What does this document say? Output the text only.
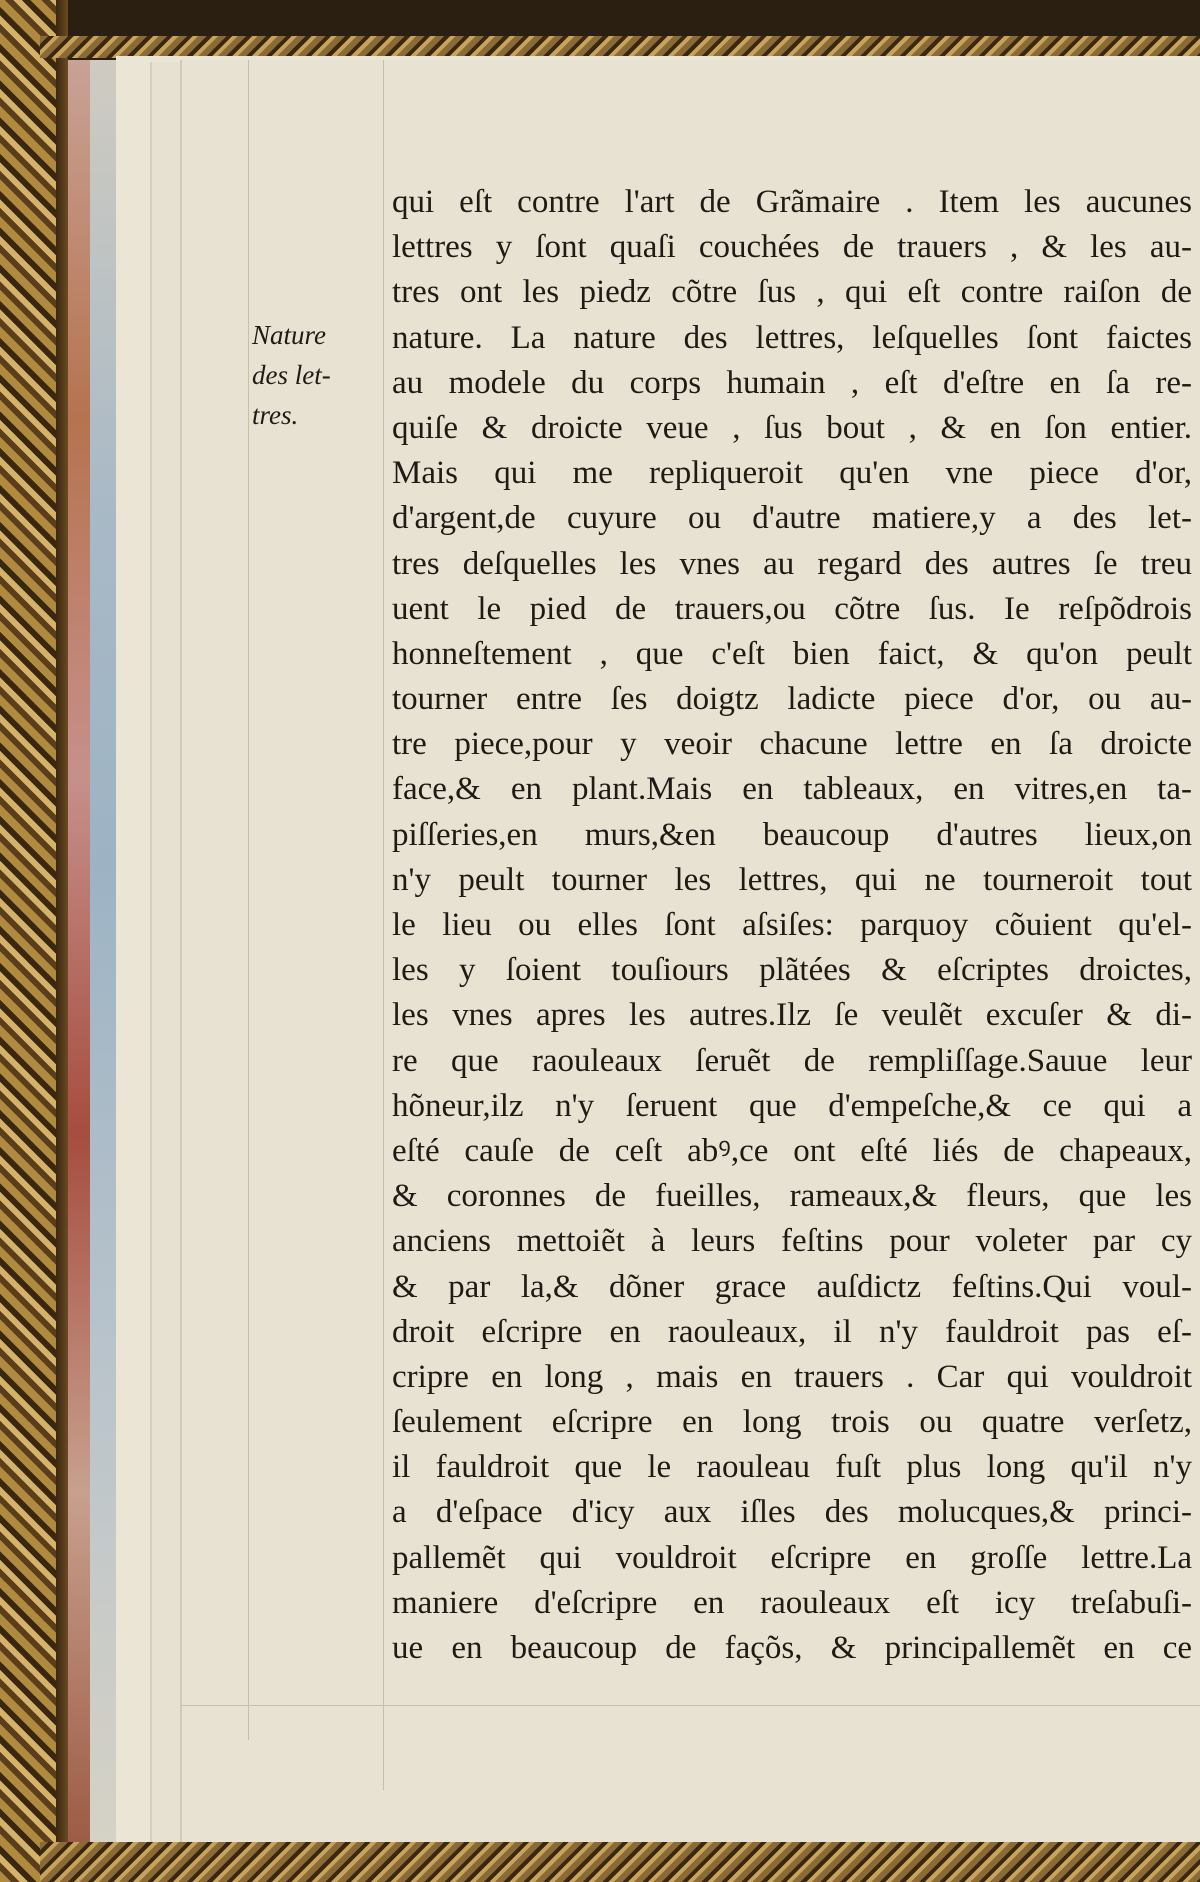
Nature
des let-
tres.
qui eſt contre l'art de Grãmaire . Item les aucunes
lettres y ſont quaſi couchées de trauers , & les au-
tres ont les piedz cõtre ſus , qui eſt contre raiſon de
nature. La nature des lettres, leſquelles ſont faictes
au modele du corps humain , eſt d'eſtre en ſa re-
quiſe & droicte veue , ſus bout , & en ſon entier.
Mais qui me repliqueroit qu'en vne piece d'or,
d'argent,de cuyure ou d'autre matiere,y a des let-
tres deſquelles les vnes au regard des autres ſe treu
uent le pied de trauers,ou cõtre ſus. Ie reſpõdrois
honneſtement , que c'eſt bien faict, & qu'on peult
tourner entre ſes doigtz ladicte piece d'or, ou au-
tre piece,pour y veoir chacune lettre en ſa droicte
face,& en plant.Mais en tableaux, en vitres,en ta-
piſſeries,en murs,&en beaucoup d'autres lieux,on
n'y peult tourner les lettres, qui ne tourneroit tout
le lieu ou elles ſont aſsiſes: parquoy cõuient qu'el-
les y ſoient touſiours plãtées & eſcriptes droictes,
les vnes apres les autres.Ilz ſe veulẽt excuſer & di-
re que raouleaux ſeruẽt de rempliſſage.Sauue leur
hõneur,ilz n'y ſeruent que d'empeſche,& ce qui a
eſté cauſe de ceſt abꝰ,ce ont eſté liés de chapeaux,
& coronnes de fueilles, rameaux,& fleurs, que les
anciens mettoiẽt à leurs feſtins pour voleter par cy
& par la,& dõner grace auſdictz feſtins.Qui voul-
droit eſcripre en raouleaux, il n'y fauldroit pas eſ-
cripre en long , mais en trauers . Car qui vouldroit
ſeulement eſcripre en long trois ou quatre verſetz,
il fauldroit que le raouleau fuſt plus long qu'il n'y
a d'eſpace d'icy aux iſles des molucques,& princi-
pallemẽt qui vouldroit eſcripre en groſſe lettre.La
maniere d'eſcripre en raouleaux eſt icy treſabuſi-
ue en beaucoup de façõs, & principallemẽt en ce
